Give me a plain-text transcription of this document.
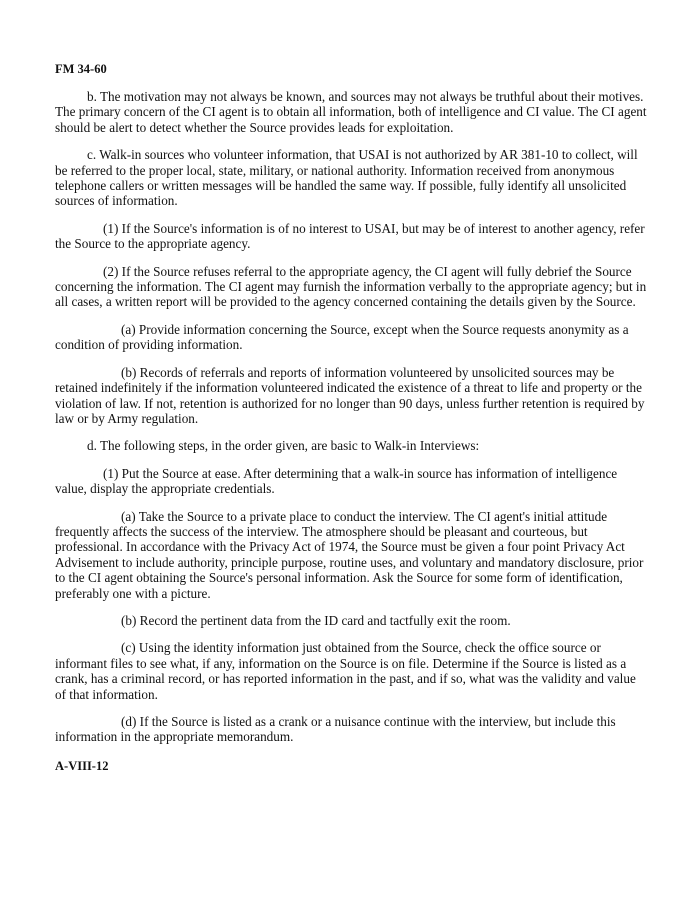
FM 34-60

b. The motivation may not always be known, and sources may not always be truthful about their motives. The primary concern of the CI agent is to obtain all information, both of intelligence and CI value. The CI agent should be alert to detect whether the Source provides leads for exploitation.

c. Walk-in sources who volunteer information, that USAI is not authorized by AR 381-10 to collect, will be referred to the proper local, state, military, or national authority. Information received from anonymous telephone callers or written messages will be handled the same way. If possible, fully identify all unsolicited sources of information.

(1) If the Source's information is of no interest to USAI, but may be of interest to another agency, refer the Source to the appropriate agency.

(2) If the Source refuses referral to the appropriate agency, the CI agent will fully debrief the Source concerning the information. The CI agent may furnish the information verbally to the appropriate agency; but in all cases, a written report will be provided to the agency concerned containing the details given by the Source.

(a) Provide information concerning the Source, except when the Source requests anonymity as a condition of providing information.

(b) Records of referrals and reports of information volunteered by unsolicited sources may be retained indefinitely if the information volunteered indicated the existence of a threat to life and property or the violation of law. If not, retention is authorized for no longer than 90 days, unless further retention is required by law or by Army regulation.

d. The following steps, in the order given, are basic to Walk-in Interviews:

(1) Put the Source at ease. After determining that a walk-in source has information of intelligence value, display the appropriate credentials.

(a) Take the Source to a private place to conduct the interview. The CI agent's initial attitude frequently affects the success of the interview. The atmosphere should be pleasant and courteous, but professional. In accordance with the Privacy Act of 1974, the Source must be given a four point Privacy Act Advisement to include authority, principle purpose, routine uses, and voluntary and mandatory disclosure, prior to the CI agent obtaining the Source's personal information. Ask the Source for some form of identification, preferably one with a picture.

(b) Record the pertinent data from the ID card and tactfully exit the room.

(c) Using the identity information just obtained from the Source, check the office source or informant files to see what, if any, information on the Source is on file. Determine if the Source is listed as a crank, has a criminal record, or has reported information in the past, and if so, what was the validity and value of that information.

(d) If the Source is listed as a crank or a nuisance continue with the interview, but include this information in the appropriate memorandum.

A-VIII-12
